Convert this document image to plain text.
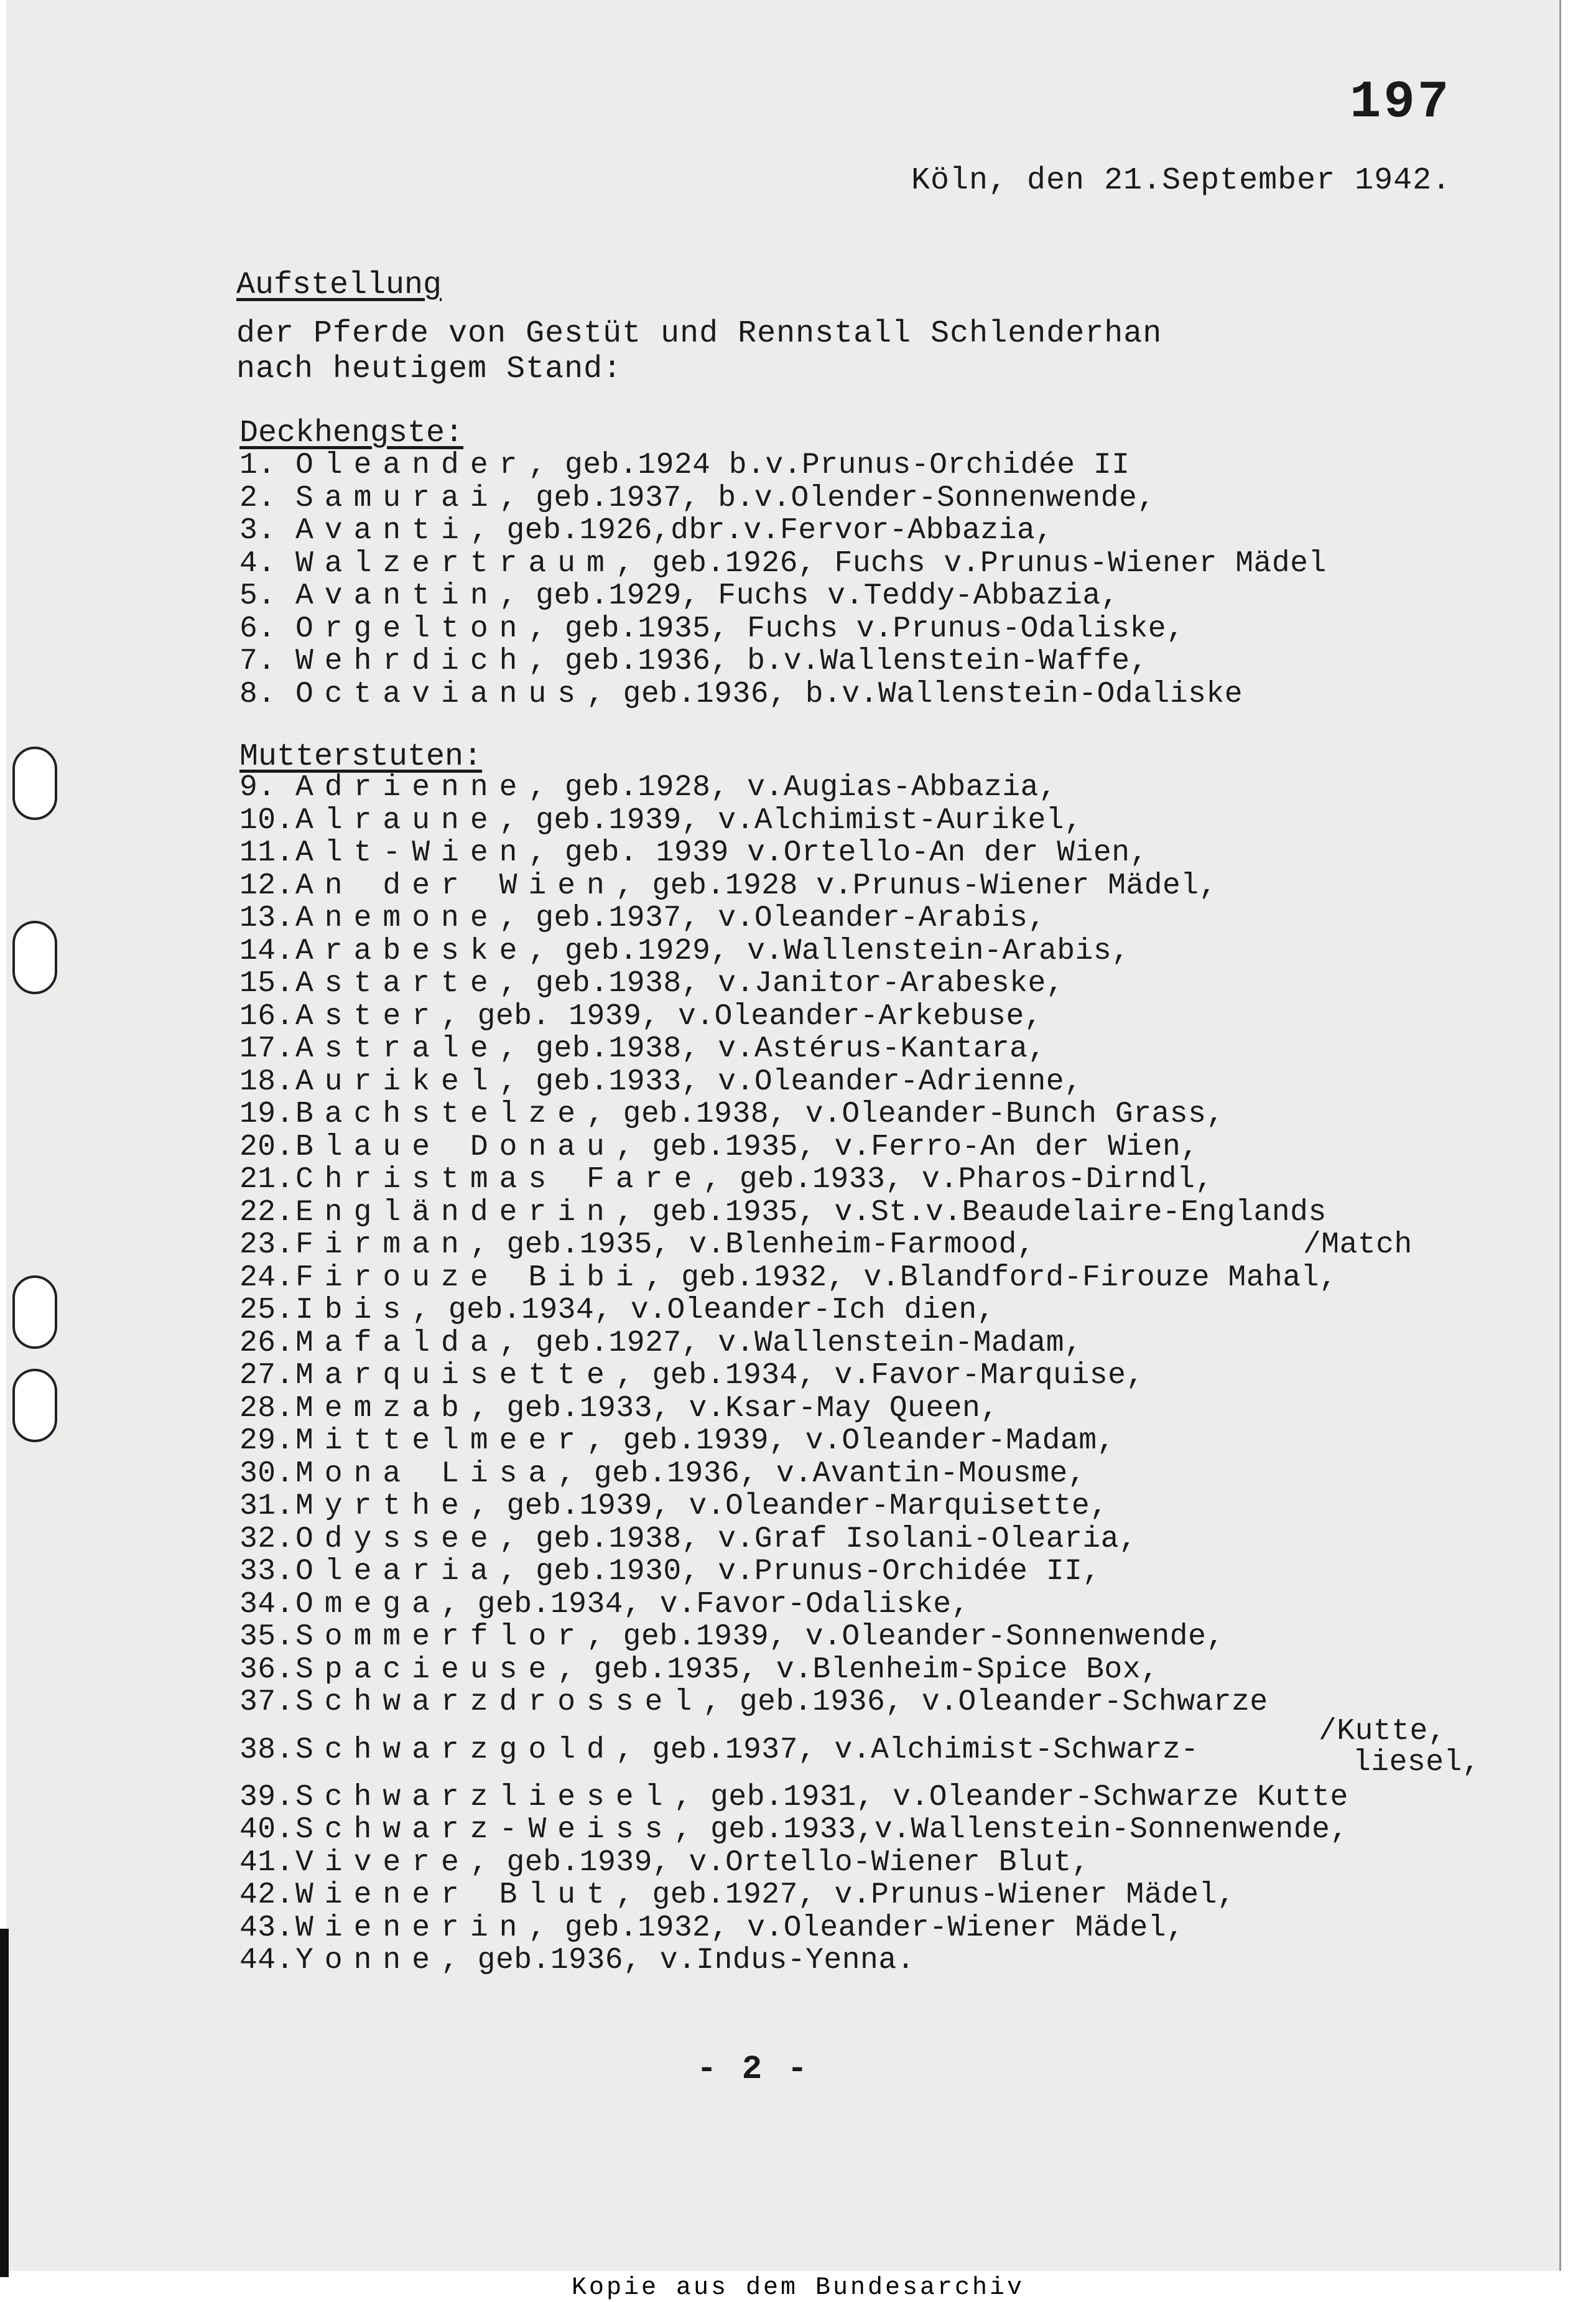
197
Köln, den 21.September 1942.
Aufstellung
der Pferde von Gestüt und Rennstall Schlenderhan
nach heutigem Stand:
Deckhengste:
1. Oleander, geb.1924 b.v.Prunus-Orchidée II
2. Samurai, geb.1937, b.v.Olender-Sonnenwende,
3. Avanti, geb.1926,dbr.v.Fervor-Abbazia,
4. Walzertraum, geb.1926, Fuchs v.Prunus-Wiener Mädel
5. Avantin, geb.1929, Fuchs v.Teddy-Abbazia,
6. Orgelton, geb.1935, Fuchs v.Prunus-Odaliske,
7. Wehrdich, geb.1936, b.v.Wallenstein-Waffe,
8. Octavianus, geb.1936, b.v.Wallenstein-Odaliske
Mutterstuten:
9. Adrienne, geb.1928, v.Augias-Abbazia,
10.Alraune, geb.1939, v.Alchimist-Aurikel,
11.Alt-Wien, geb. 1939 v.Ortello-An der Wien,
12.An der Wien, geb.1928 v.Prunus-Wiener Mädel,
13.Anemone, geb.1937, v.Oleander-Arabis,
14.Arabeske, geb.1929, v.Wallenstein-Arabis,
15.Astarte, geb.1938, v.Janitor-Arabeske,
16.Aster, geb. 1939, v.Oleander-Arkebuse,
17.Astrale, geb.1938, v.Astérus-Kantara,
18.Aurikel, geb.1933, v.Oleander-Adrienne,
19.Bachstelze, geb.1938, v.Oleander-Bunch Grass,
20.Blaue Donau, geb.1935, v.Ferro-An der Wien,
21.Christmas Fare, geb.1933, v.Pharos-Dirndl,
22.Engländerin, geb.1935, v.St.v.Beaudelaire-Englands
23.Firman, geb.1935, v.Blenheim-Farmood,	/Match
24.Firouze Bibi, geb.1932, v.Blandford-Firouze Mahal,
25.Ibis, geb.1934, v.Oleander-Ich dien,
26.Mafalda, geb.1927, v.Wallenstein-Madam,
27.Marquisette, geb.1934, v.Favor-Marquise,
28.Memzab, geb.1933, v.Ksar-May Queen,
29.Mittelmeer, geb.1939, v.Oleander-Madam,
30.Mona Lisa, geb.1936, v.Avantin-Mousme,
31.Myrthe, geb.1939, v.Oleander-Marquisette,
32.Odyssee, geb.1938, v.Graf Isolani-Olearia,
33.Olearia, geb.1930, v.Prunus-Orchidée II,
34.Omega, geb.1934, v.Favor-Odaliske,
35.Sommerflor, geb.1939, v.Oleander-Sonnenwende,
36.Spacieuse, geb.1935, v.Blenheim-Spice Box,
37.Schwarzdrossel, geb.1936, v.Oleander-Schwarze
38.Schwarzgold, geb.1937, v.Alchimist-Schwarz-
/Kutte,
liesel,
39.Schwarzliesel, geb.1931, v.Oleander-Schwarze Kutte
40.Schwarz-Weiss, geb.1933,v.Wallenstein-Sonnenwende,
41.Vivere, geb.1939, v.Ortello-Wiener Blut,
42.Wiener Blut, geb.1927, v.Prunus-Wiener Mädel,
43.Wienerin, geb.1932, v.Oleander-Wiener Mädel,
44.Yonne, geb.1936, v.Indus-Yenna.
- 2 -
Kopie aus dem Bundesarchiv
